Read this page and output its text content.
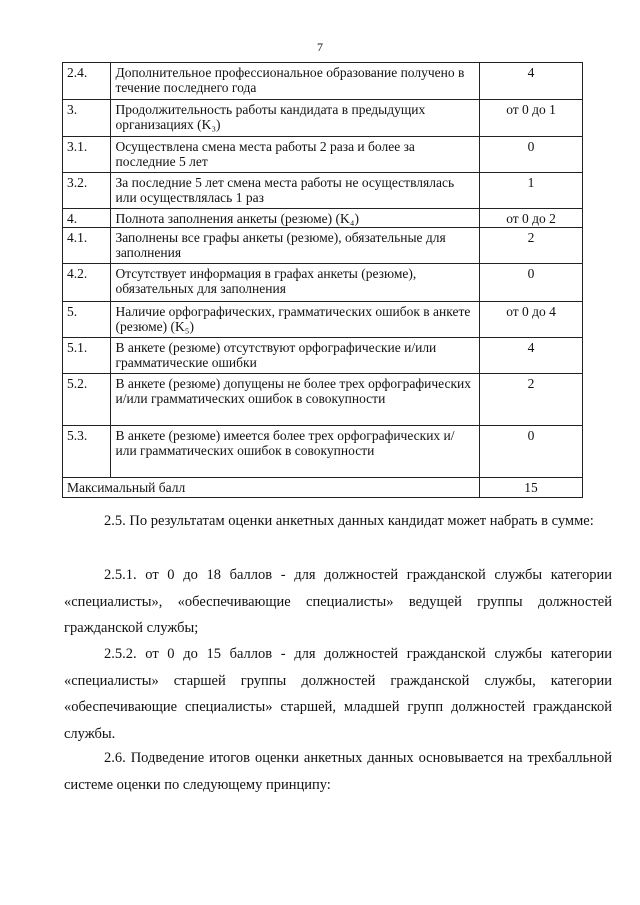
7
2.4.	Дополнительное профессиональное образование получено в течение последнего года	4
3.	Продолжительность работы кандидата в предыдущих организациях (K₃)	от 0 до 1
3.1.	Осуществлена смена места работы 2 раза и более за последние 5 лет	0
3.2.	За последние 5 лет смена места работы не осуществлялась или осуществлялась 1 раз	1
4.	Полнота заполнения анкеты (резюме) (K₄)	от 0 до 2
4.1.	Заполнены все графы анкеты (резюме), обязательные для заполнения	2
4.2.	Отсутствует информация в графах анкеты (резюме), обязательных для заполнения	0
5.	Наличие орфографических, грамматических ошибок в анкете (резюме) (K₅)	от 0 до 4
5.1.	В анкете (резюме) отсутствуют орфографические и/или грамматические ошибки	4
5.2.	В анкете (резюме) допущены не более трех орфографических и/или грамматических ошибок в совокупности	2
5.3.	В анкете (резюме) имеется более трех орфографических и/или грамматических ошибок в совокупности	0
Максимальный балл		15
2.5. По результатам оценки анкетных данных кандидат может набрать в сумме:
2.5.1. от 0 до 18 баллов - для должностей гражданской службы категории «специалисты», «обеспечивающие специалисты» ведущей группы должностей гражданской службы;
2.5.2. от 0 до 15 баллов - для должностей гражданской службы категории «специалисты» старшей группы должностей гражданской службы, категории «обеспечивающие специалисты» старшей, младшей групп должностей гражданской службы.
2.6. Подведение итогов оценки анкетных данных основывается на трехбалльной системе оценки по следующему принципу:
